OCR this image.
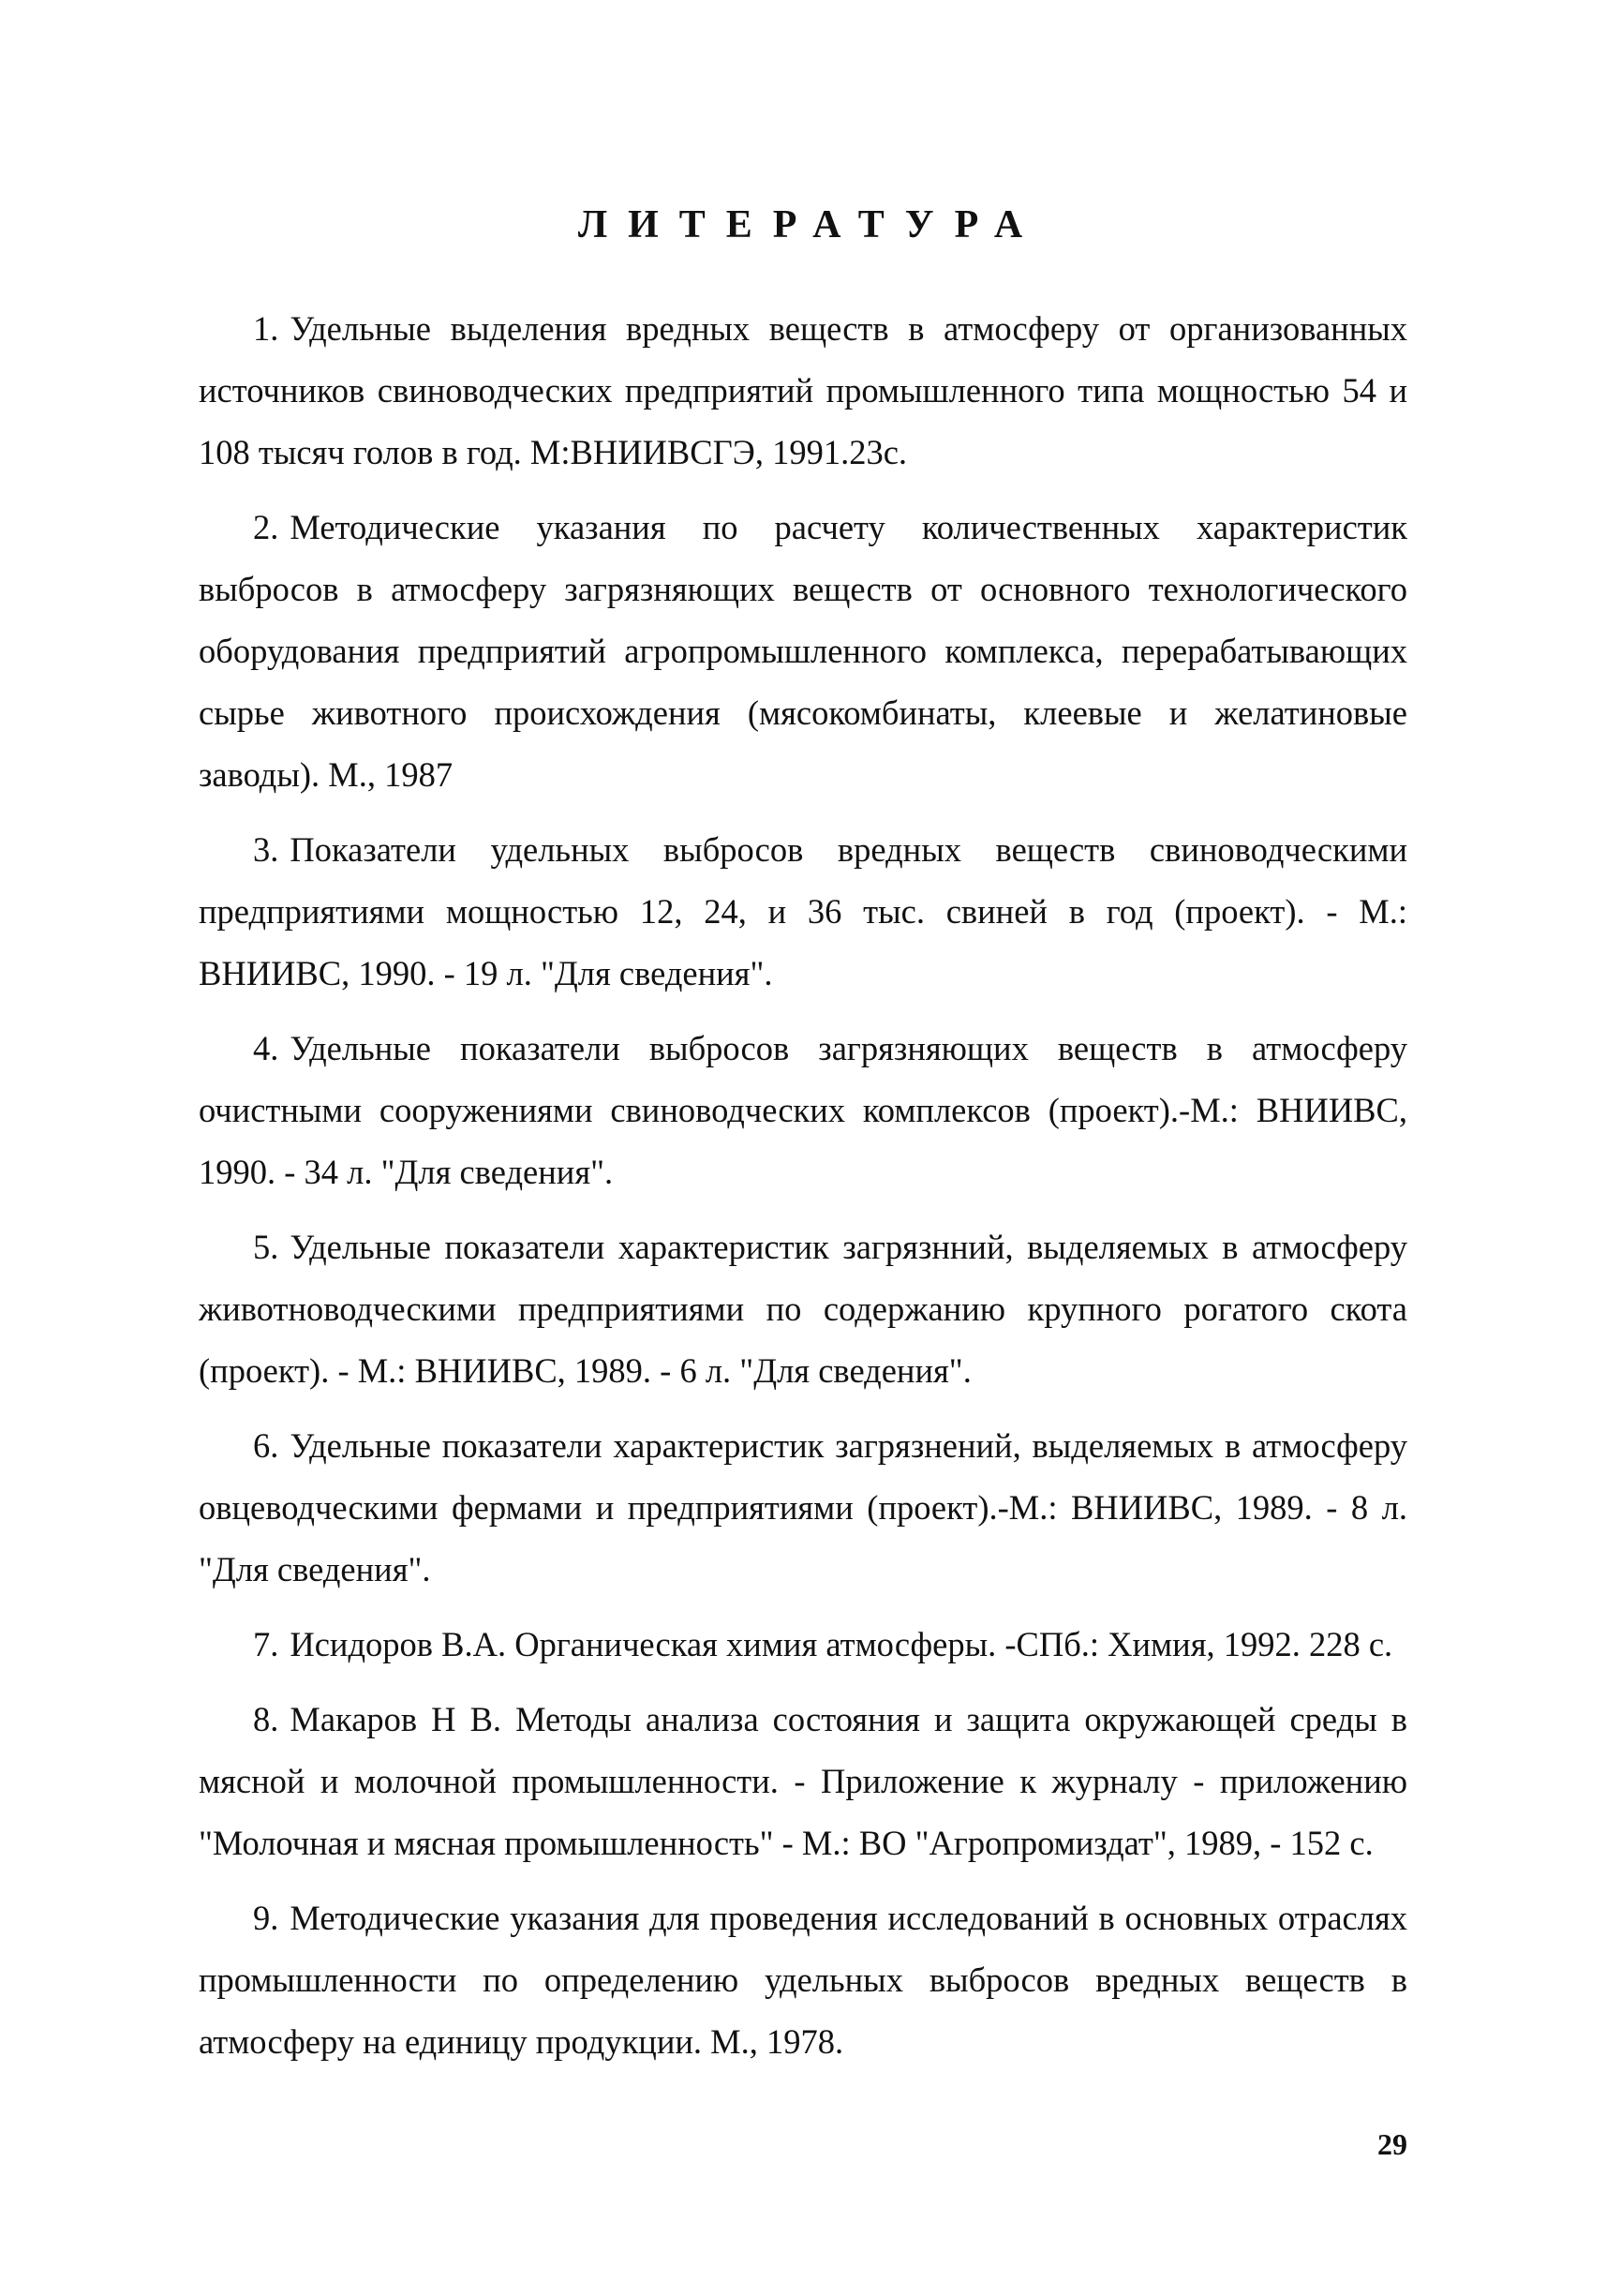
ЛИТЕРАТУРА
1. Удельные выделения вредных веществ в атмосферу от организованных источников свиноводческих предприятий промышленного типа мощностью 54 и 108 тысяч голов в год. М:ВНИИВСГЭ, 1991.23с.
2. Методические указания по расчету количественных характеристик выбросов в атмосферу загрязняющих веществ от основного технологического оборудования предприятий агропромышленного комплекса, перерабатывающих сырье животного происхождения (мясокомбинаты, клеевые и желатиновые заводы). М., 1987
3. Показатели удельных выбросов вредных веществ свиноводческими предприятиями мощностью 12, 24, и 36 тыс. свиней в год (проект). - М.: ВНИИВС, 1990. - 19 л. "Для сведения".
4. Удельные показатели выбросов загрязняющих веществ в атмосферу очистными сооружениями свиноводческих комплексов (проект).-М.: ВНИИВС, 1990. - 34 л. "Для сведения".
5. Удельные показатели характеристик загрязнний, выделяемых в атмосферу животноводческими предприятиями по содержанию крупного рогатого скота (проект). - М.: ВНИИВС, 1989. - 6 л. "Для сведения".
6. Удельные показатели характеристик загрязнений, выделяемых в атмосферу овцеводческими фермами и предприятиями (проект).-М.: ВНИИВС, 1989. - 8 л. "Для сведения".
7. Исидоров В.А. Органическая химия атмосферы. -СПб.: Химия, 1992. 228 с.
8. Макаров Н В. Методы анализа состояния и защита окружающей среды в мясной и молочной промышленности. - Приложение к журналу - приложению "Молочная и мясная промышленность" - М.: ВО "Агропромиздат", 1989, - 152 с.
9. Методические указания для проведения исследований в основных отраслях промышленности по определению удельных выбросов вредных веществ в атмосферу на единицу продукции. М., 1978.
29
